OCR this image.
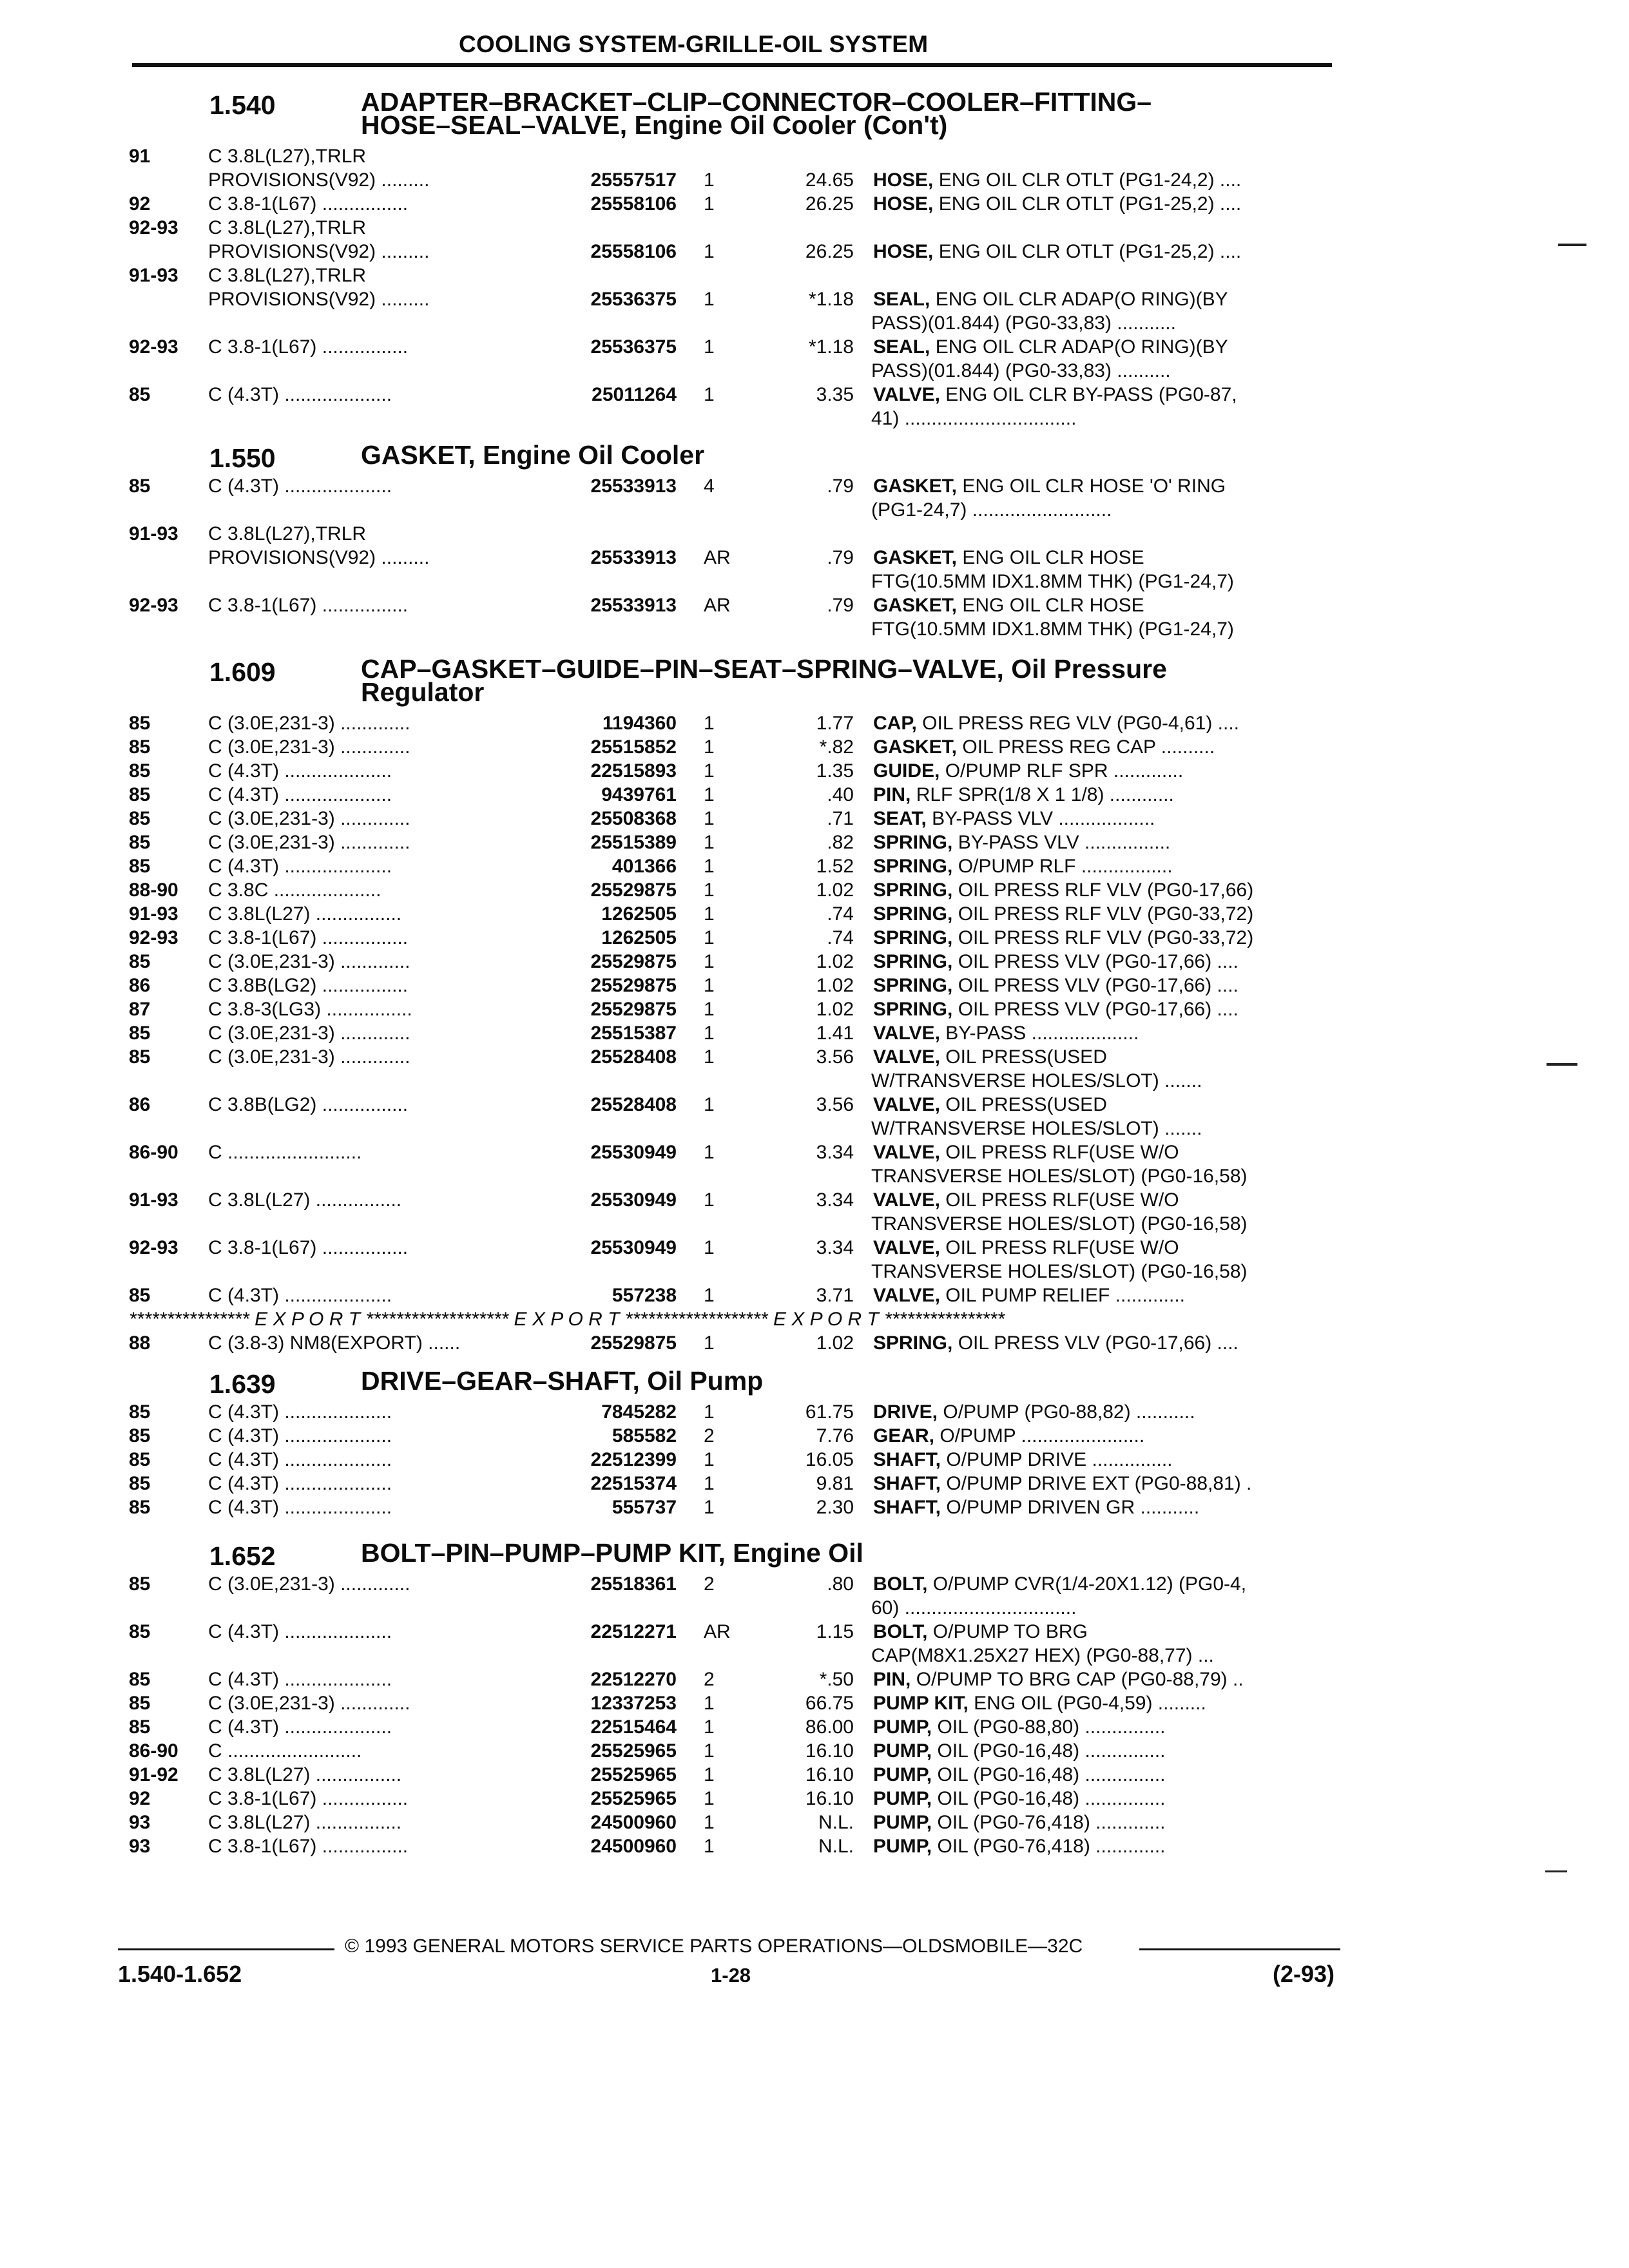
COOLING SYSTEM-GRILLE-OIL SYSTEM
1.540	ADAPTER–BRACKET–CLIP–CONNECTOR–COOLER–FITTING–
HOSE–SEAL–VALVE, Engine Oil Cooler (Con't)
91	C 3.8L(L27),TRLR
PROVISIONS(V92) .........	25557517 1	24.65 HOSE, ENG OIL CLR OTLT (PG1-24,2) ....
92	C 3.8-1(L67) ................	25558106 1	26.25 HOSE, ENG OIL CLR OTLT (PG1-25,2) ....
92-93 C 3.8L(L27),TRLR
PROVISIONS(V92) .........	25558106 1	26.25 HOSE, ENG OIL CLR OTLT (PG1-25,2) ....
91-93 C 3.8L(L27),TRLR
PROVISIONS(V92) .........	25536375 1	*1.18 SEAL, ENG OIL CLR ADAP(O RING)(BY
PASS)(01.844) (PG0-33,83) ...........
92-93 C 3.8-1(L67) ................	25536375 1	*1.18 SEAL, ENG OIL CLR ADAP(O RING)(BY
PASS)(01.844) (PG0-33,83) ..........
85	C (4.3T) ....................	25011264 1	3.35 VALVE, ENG OIL CLR BY-PASS (PG0-87,
41) ................................
1.550	GASKET, Engine Oil Cooler
85	C (4.3T) ....................	25533913 4	.79 GASKET, ENG OIL CLR HOSE 'O' RING
(PG1-24,7) ..........................
91-93 C 3.8L(L27),TRLR
PROVISIONS(V92) .........	25533913 AR	.79 GASKET, ENG OIL CLR HOSE
FTG(10.5MM IDX1.8MM THK) (PG1-24,7)
92-93 C 3.8-1(L67) ................	25533913 AR	.79 GASKET, ENG OIL CLR HOSE
FTG(10.5MM IDX1.8MM THK) (PG1-24,7)
1.609	CAP–GASKET–GUIDE–PIN–SEAT–SPRING–VALVE, Oil Pressure
Regulator
85	C (3.0E,231-3) .............	1194360 1	1.77 CAP, OIL PRESS REG VLV (PG0-4,61) ....
85	C (3.0E,231-3) .............	25515852 1	*.82 GASKET, OIL PRESS REG CAP ..........
85	C (4.3T) ....................	22515893 1	1.35 GUIDE, O/PUMP RLF SPR .............
85	C (4.3T) ....................	9439761 1	.40 PIN, RLF SPR(1/8 X 1 1/8) ............
85	C (3.0E,231-3) .............	25508368 1	.71 SEAT, BY-PASS VLV ..................
85	C (3.0E,231-3) .............	25515389 1	.82 SPRING, BY-PASS VLV ................
85	C (4.3T) ....................	401366 1	1.52 SPRING, O/PUMP RLF .................
88-90 C 3.8C ....................	25529875 1	1.02 SPRING, OIL PRESS RLF VLV (PG0-17,66)
91-93 C 3.8L(L27) ................	1262505 1	.74 SPRING, OIL PRESS RLF VLV (PG0-33,72)
92-93 C 3.8-1(L67) ................	1262505 1	.74 SPRING, OIL PRESS RLF VLV (PG0-33,72)
85	C (3.0E,231-3) .............	25529875 1	1.02 SPRING, OIL PRESS VLV (PG0-17,66) ....
86	C 3.8B(LG2) ................	25529875 1	1.02 SPRING, OIL PRESS VLV (PG0-17,66) ....
87	C 3.8-3(LG3) ................	25529875 1	1.02 SPRING, OIL PRESS VLV (PG0-17,66) ....
85	C (3.0E,231-3) .............	25515387 1	1.41 VALVE, BY-PASS ....................
85	C (3.0E,231-3) .............	25528408 1	3.56 VALVE, OIL PRESS(USED
W/TRANSVERSE HOLES/SLOT) .......
86	C 3.8B(LG2) ................	25528408 1	3.56 VALVE, OIL PRESS(USED
W/TRANSVERSE HOLES/SLOT) .......
86-90 C .........................	25530949 1	3.34 VALVE, OIL PRESS RLF(USE W/O
TRANSVERSE HOLES/SLOT) (PG0-16,58)
91-93 C 3.8L(L27) ................	25530949 1	3.34 VALVE, OIL PRESS RLF(USE W/O
TRANSVERSE HOLES/SLOT) (PG0-16,58)
92-93 C 3.8-1(L67) ................	25530949 1	3.34 VALVE, OIL PRESS RLF(USE W/O
TRANSVERSE HOLES/SLOT) (PG0-16,58)
85	C (4.3T) ....................	557238 1	3.71 VALVE, OIL PUMP RELIEF .............
**************** E X P O R T ******************* E X P O R T ******************* E X P O R T ****************
88	C (3.8-3) NM8(EXPORT) ......	25529875 1	1.02 SPRING, OIL PRESS VLV (PG0-17,66) ....
1.639	DRIVE–GEAR–SHAFT, Oil Pump
85	C (4.3T) ....................	7845282 1	61.75 DRIVE, O/PUMP (PG0-88,82) ...........
85	C (4.3T) ....................	585582 2	7.76 GEAR, O/PUMP .......................
85	C (4.3T) ....................	22512399 1	16.05 SHAFT, O/PUMP DRIVE ...............
85	C (4.3T) ....................	22515374 1	9.81 SHAFT, O/PUMP DRIVE EXT (PG0-88,81) .
85	C (4.3T) ....................	555737 1	2.30 SHAFT, O/PUMP DRIVEN GR ...........
1.652	BOLT–PIN–PUMP–PUMP KIT, Engine Oil
85	C (3.0E,231-3) .............	25518361 2	.80 BOLT, O/PUMP CVR(1/4-20X1.12) (PG0-4,
60) ................................
85	C (4.3T) ....................	22512271 AR	1.15 BOLT, O/PUMP TO BRG
CAP(M8X1.25X27 HEX) (PG0-88,77) ...
85	C (4.3T) ....................	22512270 2	*.50 PIN, O/PUMP TO BRG CAP (PG0-88,79) ..
85	C (3.0E,231-3) .............	12337253 1	66.75 PUMP KIT, ENG OIL (PG0-4,59) .........
85	C (4.3T) ....................	22515464 1	86.00 PUMP, OIL (PG0-88,80) ...............
86-90 C .........................	25525965 1	16.10 PUMP, OIL (PG0-16,48) ...............
91-92 C 3.8L(L27) ................	25525965 1	16.10 PUMP, OIL (PG0-16,48) ...............
92	C 3.8-1(L67) ................	25525965 1	16.10 PUMP, OIL (PG0-16,48) ...............
93	C 3.8L(L27) ................	24500960 1	N.L. PUMP, OIL (PG0-76,418) .............
93	C 3.8-1(L67) ................	24500960 1	N.L. PUMP, OIL (PG0-76,418) .............
© 1993 GENERAL MOTORS SERVICE PARTS OPERATIONS—OLDSMOBILE—32C
1.540-1.652	1-28	(2-93)
